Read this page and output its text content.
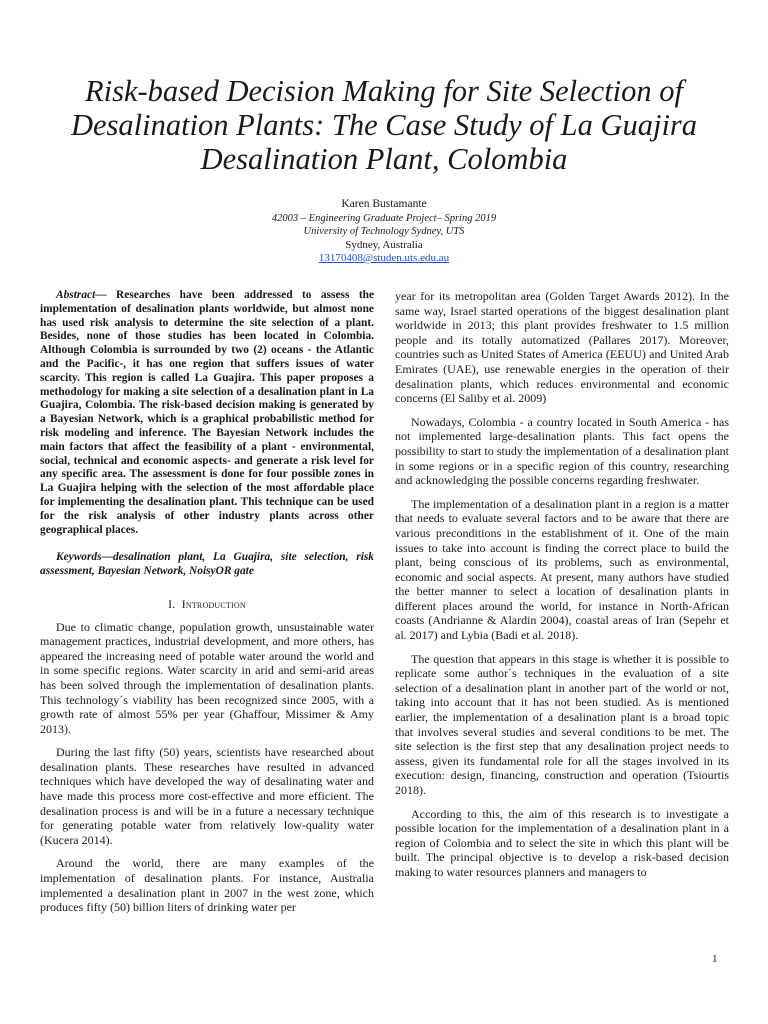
Risk-based Decision Making for Site Selection of Desalination Plants: The Case Study of La Guajira Desalination Plant, Colombia
Karen Bustamante
42003 – Engineering Graduate Project– Spring 2019
University of Technology Sydney, UTS
Sydney, Australia
13170408@studen.uts.edu.au

Abstract— Researches have been addressed to assess the implementation of desalination plants worldwide, but almost none has used risk analysis to determine the site selection of a plant. Besides, none of those studies has been located in Colombia. Although Colombia is surrounded by two (2) oceans - the Atlantic and the Pacific-, it has one region that suffers issues of water scarcity. This region is called La Guajira. This paper proposes a methodology for making a site selection of a desalination plant in La Guajira, Colombia. The risk-based decision making is generated by a Bayesian Network, which is a graphical probabilistic method for risk modeling and inference. The Bayesian Network includes the main factors that affect the feasibility of a plant - environmental, social, technical and economic aspects- and generate a risk level for any specific area. The assessment is done for four possible zones in La Guajira helping with the selection of the most affordable place for implementing the desalination plant. This technique can be used for the risk analysis of other industry plants across other geographical places.

Keywords—desalination plant, La Guajira, site selection, risk assessment, Bayesian Network, NoisyOR gate

I. Introduction

Due to climatic change, population growth, unsustainable water management practices, industrial development, and more others, has appeared the increasing need of potable water around the world and in some specific regions. Water scarcity in arid and semi-arid areas has been solved through the implementation of desalination plants. This technology´s viability has been recognized since 2005, with a growth rate of almost 55% per year (Ghaffour, Missimer & Amy 2013).

During the last fifty (50) years, scientists have researched about desalination plants. These researches have resulted in advanced techniques which have developed the way of desalinating water and have made this process more cost-effective and more efficient. The desalination process is and will be in a future a necessary technique for generating potable water from relatively low-quality water (Kucera 2014).

Around the world, there are many examples of the implementation of desalination plants. For instance, Australia implemented a desalination plant in 2007 in the west zone, which produces fifty (50) billion liters of drinking water per

year for its metropolitan area (Golden Target Awards 2012). In the same way, Israel started operations of the biggest desalination plant worldwide in 2013; this plant provides freshwater to 1.5 million people and its totally automatized (Pallares 2017). Moreover, countries such as United States of America (EEUU) and United Arab Emirates (UAE), use renewable energies in the operation of their desalination plants, which reduces environmental and economic concerns (El Saliby et al. 2009)

Nowadays, Colombia - a country located in South America - has not implemented large-desalination plants. This fact opens the possibility to start to study the implementation of a desalination plant in some regions or in a specific region of this country, researching and acknowledging the possible concerns regarding freshwater.

The implementation of a desalination plant in a region is a matter that needs to evaluate several factors and to be aware that there are various preconditions in the establishment of it. One of the main issues to take into account is finding the correct place to build the plant, being conscious of its problems, such as environmental, economic and social aspects. At present, many authors have studied the better manner to select a location of desalination plants in different places around the world, for instance in North-African coasts (Andrianne & Alardin 2004), coastal areas of Iran (Sepehr et al. 2017) and Lybia (Badi et al. 2018).

The question that appears in this stage is whether it is possible to replicate some author´s techniques in the evaluation of a site selection of a desalination plant in another part of the world or not, taking into account that it has not been studied. As is mentioned earlier, the implementation of a desalination plant is a broad topic that involves several studies and several conditions to be met. The site selection is the first step that any desalination project needs to assess, given its fundamental role for all the stages involved in its execution: design, financing, construction and operation (Tsiourtis 2018).

According to this, the aim of this research is to investigate a possible location for the implementation of a desalination plant in a region of Colombia and to select the site in which this plant will be built. The principal objective is to develop a risk-based decision making to water resources planners and managers to

1
